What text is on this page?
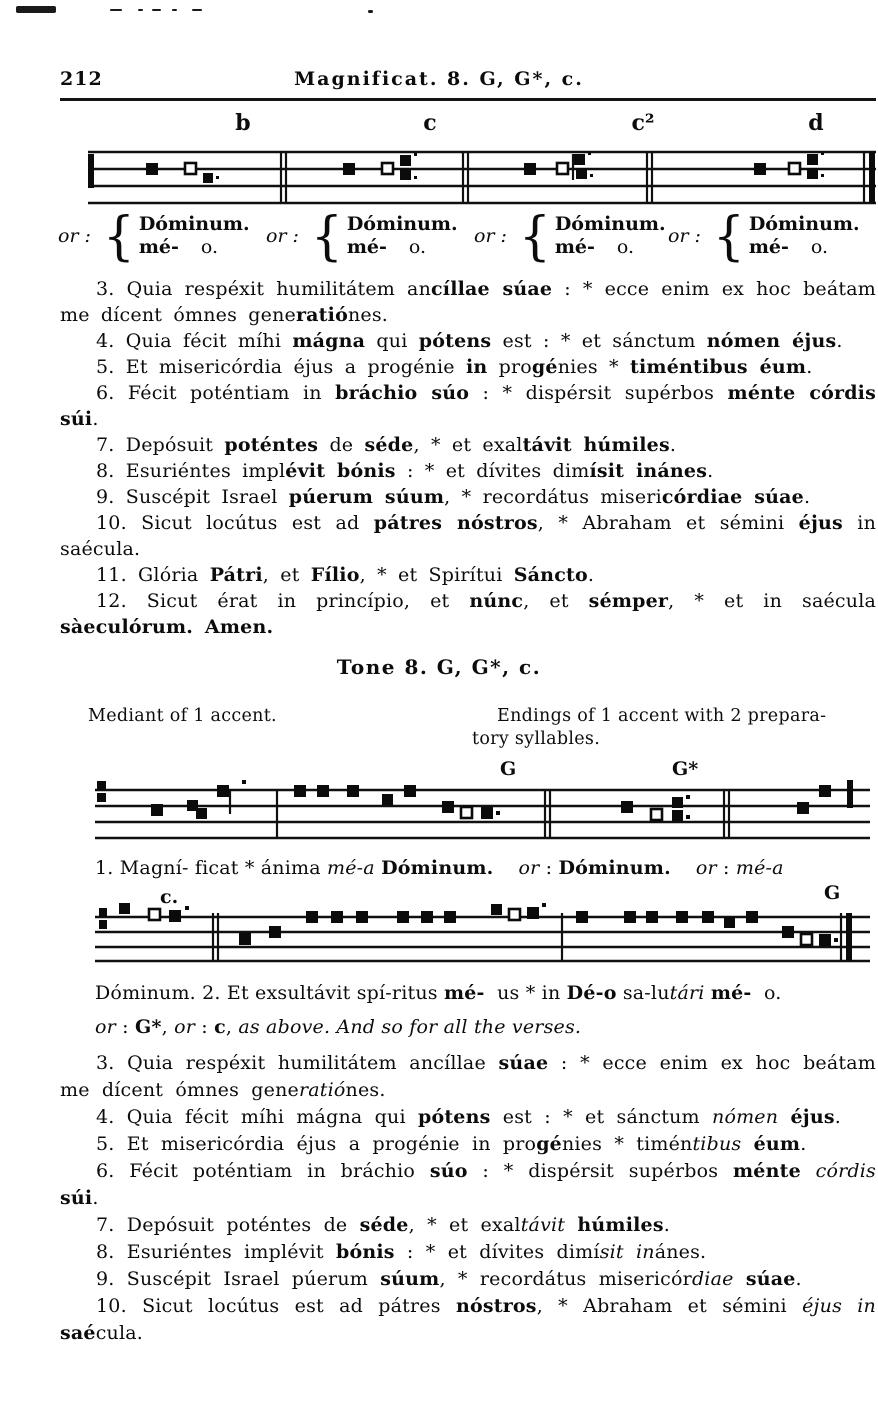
212	Magnificat. 8. G, G*, c.
b	c	c²	d
or : { Dóminum.
mé- o.	or : { Dóminum.
mé- o.	or : { Dóminum.
mé- o.	or : { Dóminum.
mé- o.

3. Quia respéxit humilitátem ancíllae súae : * ecce enim ex hoc beátam me dícent ómnes generatiónes.

4. Quia fécit míhi mágna qui pótens est : * et sánctum nómen éjus.

5. Et misericórdia éjus a progénie in progénies * timéntibus éum.

6. Fécit poténtiam in bráchio súo : * dispérsit supérbos ménte córdis súi.

7. Depósuit poténtes de séde, * et exaltávit húmiles.

8. Esuriéntes implévit bónis : * et dívites dimísit inánes.

9. Suscépit Israel púerum súum, * recordátus misericórdiae súae.

10. Sicut locútus est ad pátres nóstros, * Abraham et sémini éjus in saécula.

11. Glória Pátri, et Fílio, * et Spirítui Sáncto.

12. Sicut érat in princípio, et núnc, et sémper, * et in saécula sàeculórum. Amen.

Tone 8. G, G*, c.
Mediant of 1 accent.	Endings of 1 accent with 2 prepara-
tory syllables.
G	G*
1. Magní- ficat * ánima mé-a Dóminum. or : Dóminum. or : mé-a
c.	G
Dóminum. 2. Et exsultávit spí-ritus mé-  us * in Dé-o sa-lutári mé-  o.
or : G*, or : c, as above. And so for all the verses.

3. Quia respéxit humilitátem ancíllae súae : * ecce enim ex hoc beátam me dícent ómnes generatiónes.

4. Quia fécit míhi mágna qui pótens est : * et sánctum nómen éjus.

5. Et misericórdia éjus a progénie in progénies * timéntibus éum.

6. Fécit poténtiam in bráchio súo : * dispérsit supérbos ménte córdis súi.

7. Depósuit poténtes de séde, * et exaltávit húmiles.

8. Esuriéntes implévit bónis : * et dívites dimísit inánes.

9. Suscépit Israel púerum súum, * recordátus misericórdiae súae.

10. Sicut locútus est ad pátres nóstros, * Abraham et sémini éjus in saécula.
